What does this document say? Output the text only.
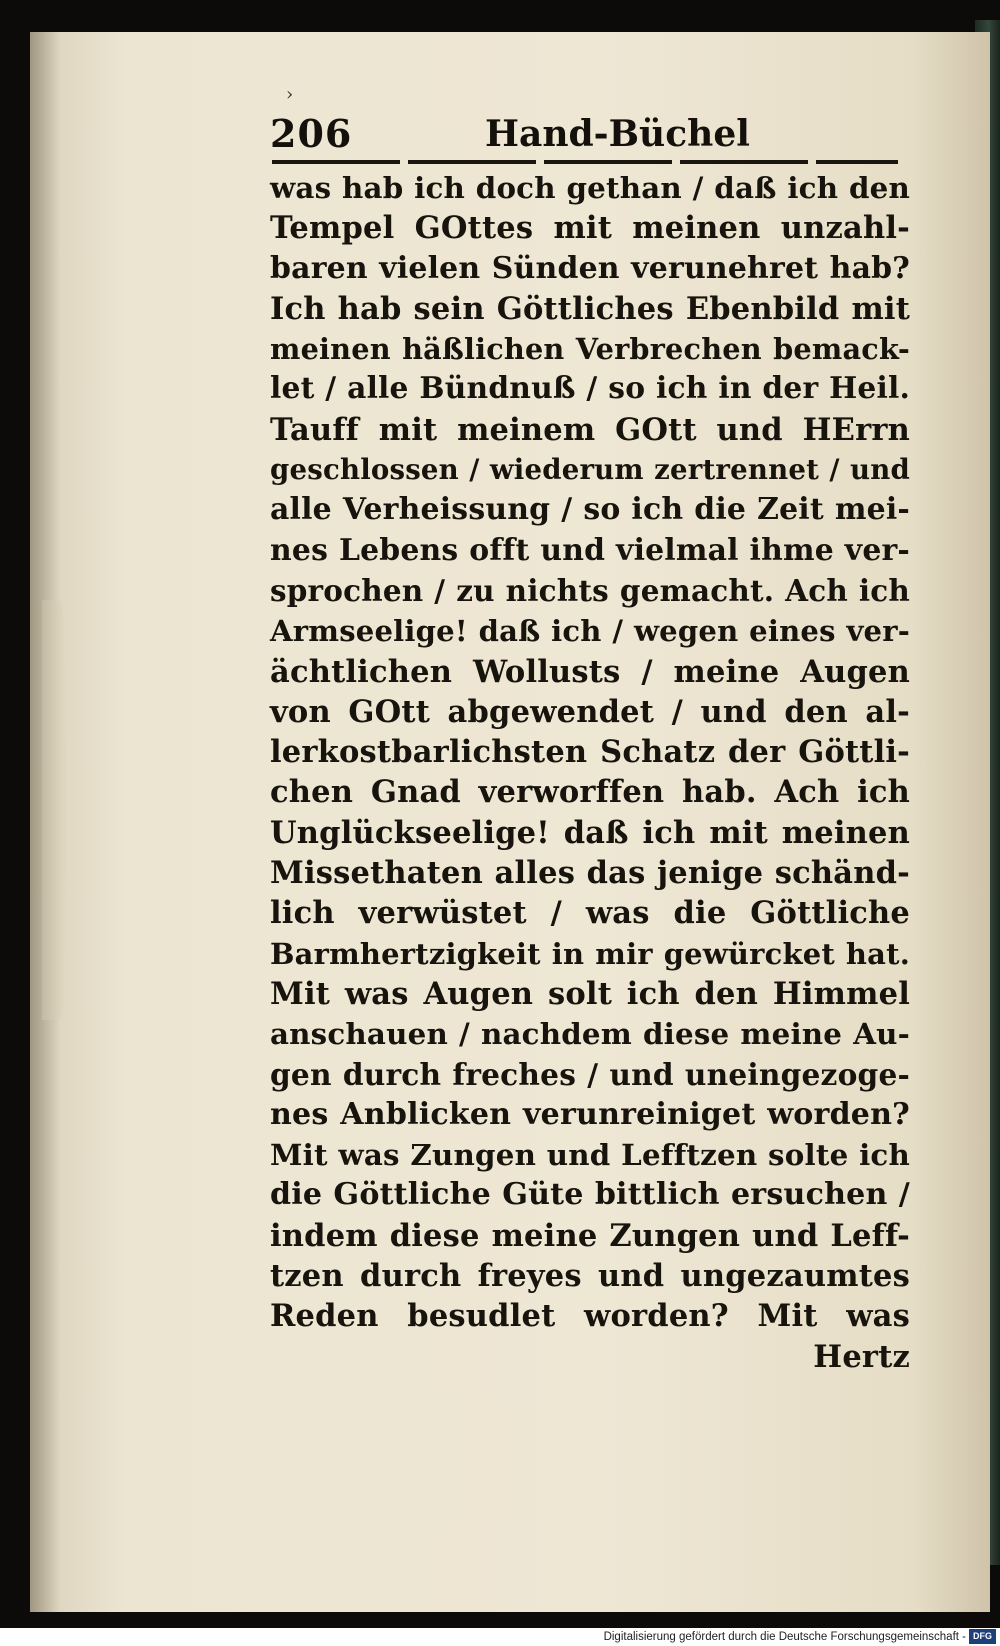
›
206	Hand-Büchel
was hab ich doch gethan / daß ich den
Tempel GOttes mit meinen unzahl-
baren vielen Sünden verunehret hab?
Ich hab sein Göttliches Ebenbild mit
meinen häßlichen Verbrechen bemack-
let / alle Bündnuß / so ich in der Heil.
Tauff mit meinem GOtt und HErrn
geschlossen / wiederum zertrennet / und
alle Verheissung / so ich die Zeit mei-
nes Lebens offt und vielmal ihme ver-
sprochen / zu nichts gemacht. Ach ich
Armseelige! daß ich / wegen eines ver-
ächtlichen Wollusts / meine Augen
von GOtt abgewendet / und den al-
lerkostbarlichsten Schatz der Göttli-
chen Gnad verworffen hab. Ach ich
Unglückseelige! daß ich mit meinen
Missethaten alles das jenige schänd-
lich verwüstet / was die Göttliche
Barmhertzigkeit in mir gewürcket hat.
Mit was Augen solt ich den Himmel
anschauen / nachdem diese meine Au-
gen durch freches / und uneingezoge-
nes Anblicken verunreiniget worden?
Mit was Zungen und Lefftzen solte ich
die Göttliche Güte bittlich ersuchen /
indem diese meine Zungen und Leff-
tzen durch freyes und ungezaumtes
Reden besudlet worden? Mit was
Hertz
Digitalisierung gefördert durch die Deutsche Forschungsgemeinschaft - DFG
